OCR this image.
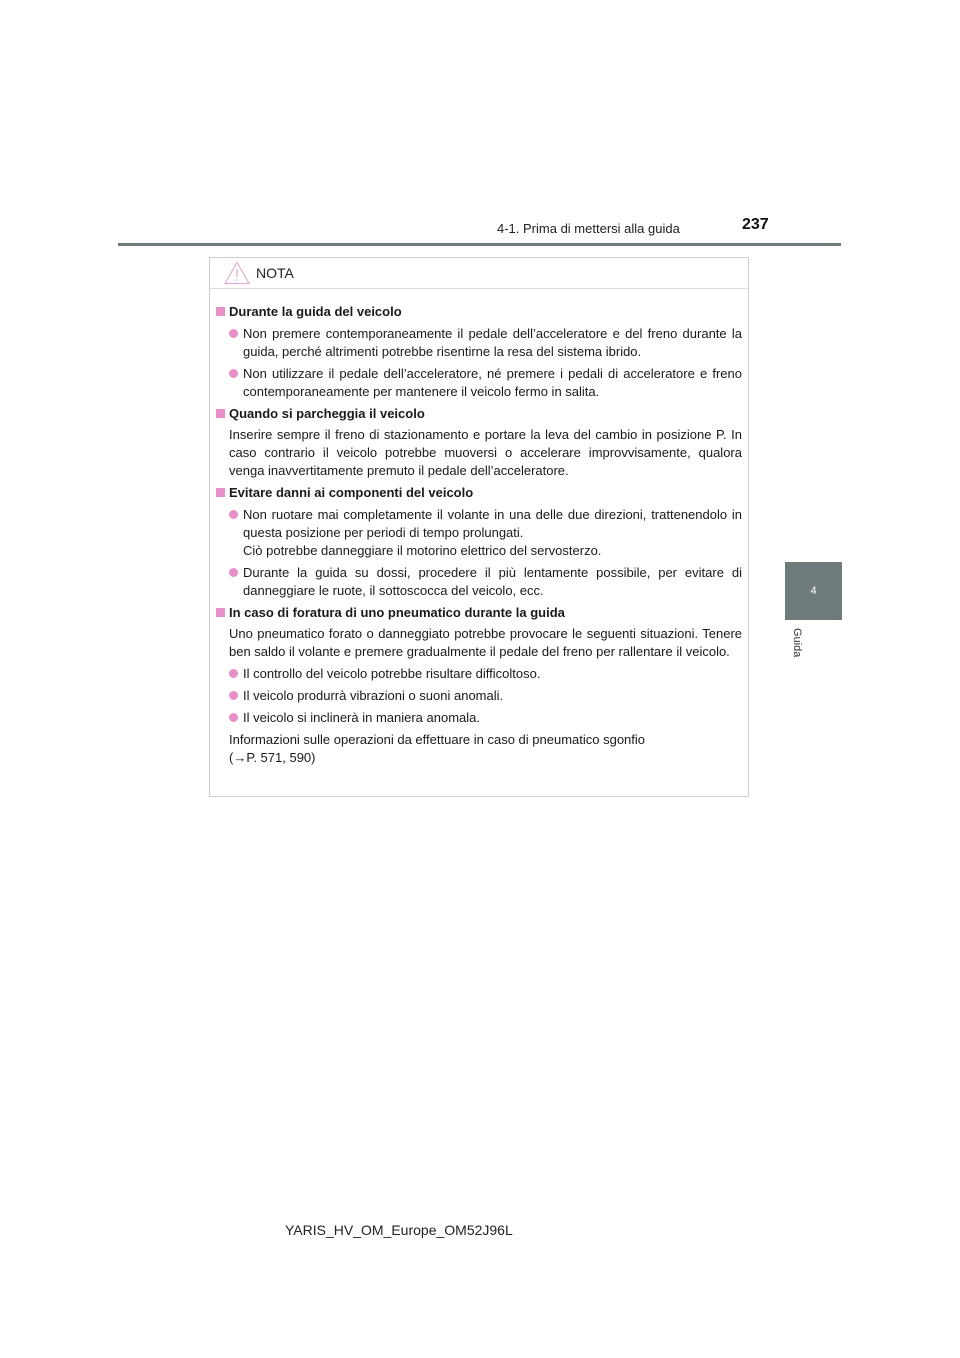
4-1. Prima di mettersi alla guida	237
4
Guida
NOTA
Durante la guida del veicolo
Non premere contemporaneamente il pedale dell’acceleratore e del freno durante la guida, perché altrimenti potrebbe risentirne la resa del sistema ibrido.
Non utilizzare il pedale dell’acceleratore, né premere i pedali di acceleratore e freno contemporaneamente per mantenere il veicolo fermo in salita.
Quando si parcheggia il veicolo
Inserire sempre il freno di stazionamento e portare la leva del cambio in posizione P. In caso contrario il veicolo potrebbe muoversi o accelerare improvvisamente, qualora venga inavvertitamente premuto il pedale dell’acceleratore.
Evitare danni ai componenti del veicolo
Non ruotare mai completamente il volante in una delle due direzioni, trattenendolo in questa posizione per periodi di tempo prolungati.
Ciò potrebbe danneggiare il motorino elettrico del servosterzo.
Durante la guida su dossi, procedere il più lentamente possibile, per evitare di danneggiare le ruote, il sottoscocca del veicolo, ecc.
In caso di foratura di uno pneumatico durante la guida
Uno pneumatico forato o danneggiato potrebbe provocare le seguenti situazioni. Tenere ben saldo il volante e premere gradualmente il pedale del freno per rallentare il veicolo.
Il controllo del veicolo potrebbe risultare difficoltoso.
Il veicolo produrrà vibrazioni o suoni anomali.
Il veicolo si inclinerà in maniera anomala.
Informazioni sulle operazioni da effettuare in caso di pneumatico sgonfio
(→P. 571, 590)
YARIS_HV_OM_Europe_OM52J96L
